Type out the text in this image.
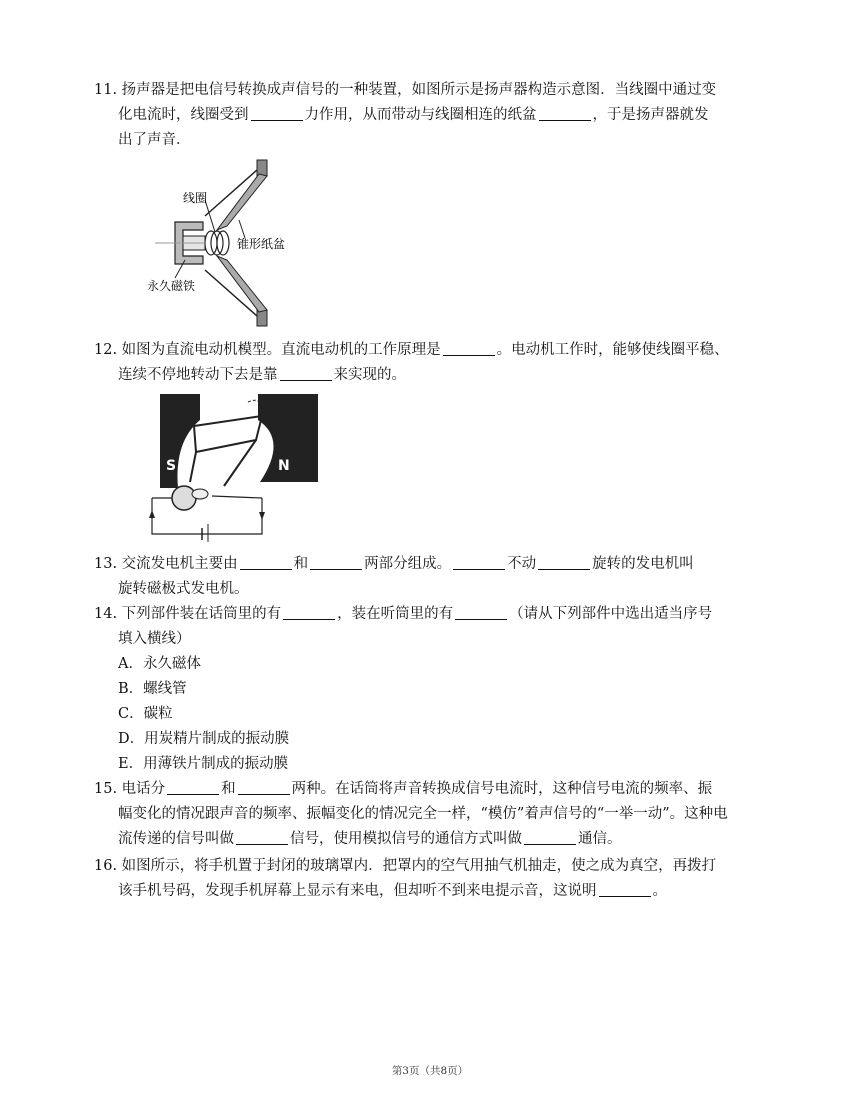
11. 扬声器是把电信号转换成声信号的一种装置，如图所示是扬声器构造示意图．当线圈中通过变

化电流时，线圈受到	力作用，从而带动与线圈相连的纸盆	，于是扬声器就发

出了声音．

线圈
锥形纸盆
永久磁铁

12. 如图为直流电动机模型。直流电动机的工作原理是	。电动机工作时，能够使线圈平稳、

连续不停地转动下去是靠	来实现的。

S	N

13. 交流发电机主要由	和	两部分组成。	不动	旋转的发电机叫

旋转磁极式发电机。

14. 下列部件装在话筒里的有	，装在听筒里的有	（请从下列部件中选出适当序号

填入横线）

A．永久磁体

B．螺线管

C．碳粒

D．用炭精片制成的振动膜

E．用薄铁片制成的振动膜

15. 电话分	和	两种。在话筒将声音转换成信号电流时，这种信号电流的频率、振

幅变化的情况跟声音的频率、振幅变化的情况完全一样，“模仿”着声信号的“一举一动”。这种电

流传递的信号叫做	信号，使用模拟信号的通信方式叫做	通信。

16. 如图所示，将手机置于封闭的玻璃罩内．把罩内的空气用抽气机抽走，使之成为真空，再拨打

该手机号码，发现手机屏幕上显示有来电，但却听不到来电提示音，这说明	。

第3页（共8页）
